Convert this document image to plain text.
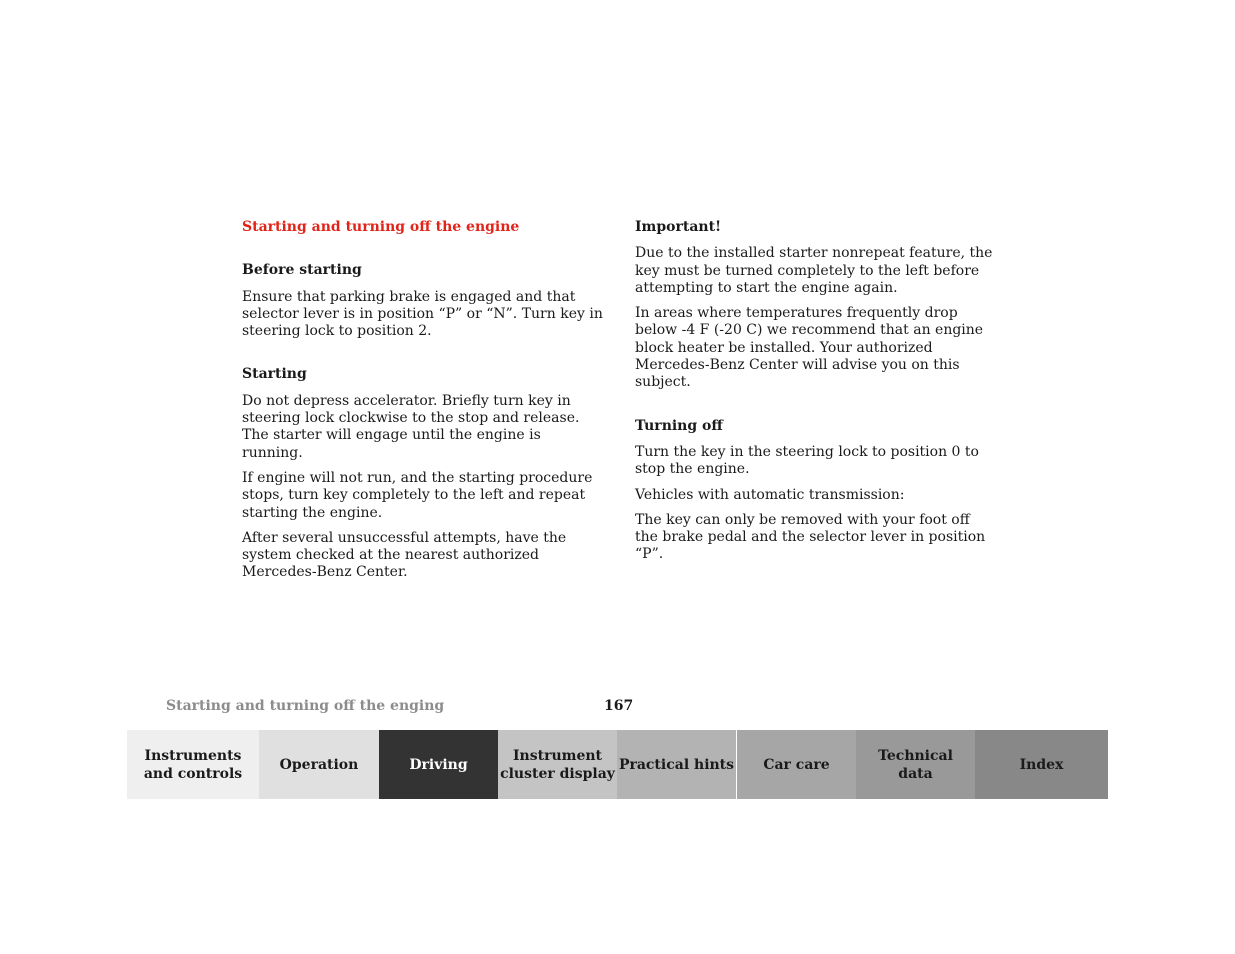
Starting and turning off the engine
Before starting

Ensure that parking brake is engaged and that selector lever is in position “P” or “N”. Turn key in steering lock to position 2.

Starting

Do not depress accelerator. Briefly turn key in steering lock clockwise to the stop and release. The starter will engage until the engine is running.

If engine will not run, and the starting procedure stops, turn key completely to the left and repeat starting the engine.

After several unsuccessful attempts, have the system checked at the nearest authorized Mercedes-Benz Center.

Important!

Due to the installed starter nonrepeat feature, the key must be turned completely to the left before attempting to start the engine again.

In areas where temperatures frequently drop below -4 F (-20 C) we recommend that an engine block heater be installed. Your authorized Mercedes-Benz Center will advise you on this subject.

Turning off

Turn the key in the steering lock to position 0 to stop the engine.

Vehicles with automatic transmission:

The key can only be removed with your foot off the brake pedal and the selector lever in position “P”.

Starting and turning off the enging	167
Instruments
and controls
Operation	Driving
Instrument
cluster display
Practical hints	Car care
Technical
data
Index
